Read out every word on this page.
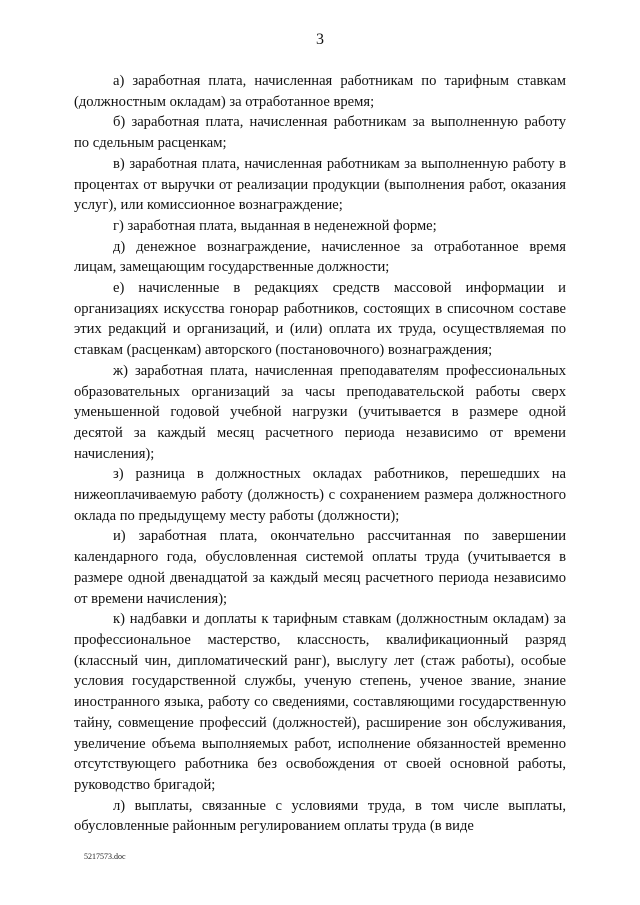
3

а) заработная плата, начисленная работникам по тарифным ставкам (должностным окладам) за отработанное время;

б) заработная плата, начисленная работникам за выполненную работу по сдельным расценкам;

в) заработная плата, начисленная работникам за выполненную работу в процентах от выручки от реализации продукции (выполнения работ, оказания услуг), или комиссионное вознаграждение;

г) заработная плата, выданная в неденежной форме;

д) денежное вознаграждение, начисленное за отработанное время лицам, замещающим государственные должности;

е) начисленные в редакциях средств массовой информации и организациях искусства гонорар работников, состоящих в списочном составе этих редакций и организаций, и (или) оплата их труда, осуществляемая по ставкам (расценкам) авторского (постановочного) вознаграждения;

ж) заработная плата, начисленная преподавателям профессиональных образовательных организаций за часы преподавательской работы сверх уменьшенной годовой учебной нагрузки (учитывается в размере одной десятой за каждый месяц расчетного периода независимо от времени начисления);

з) разница в должностных окладах работников, перешедших на нижеоплачиваемую работу (должность) с сохранением размера должностного оклада по предыдущему месту работы (должности);

и) заработная плата, окончательно рассчитанная по завершении календарного года, обусловленная системой оплаты труда (учитывается в размере одной двенадцатой за каждый месяц расчетного периода независимо от времени начисления);

к) надбавки и доплаты к тарифным ставкам (должностным окладам) за профессиональное мастерство, классность, квалификационный разряд (классный чин, дипломатический ранг), выслугу лет (стаж работы), особые условия государственной службы, ученую степень, ученое звание, знание иностранного языка, работу со сведениями, составляющими государственную тайну, совмещение профессий (должностей), расширение зон обслуживания, увеличение объема выполняемых работ, исполнение обязанностей временно отсутствующего работника без освобождения от своей основной работы, руководство бригадой;

л) выплаты, связанные с условиями труда, в том числе выплаты, обусловленные районным регулированием оплаты труда (в виде

5217573.doc
